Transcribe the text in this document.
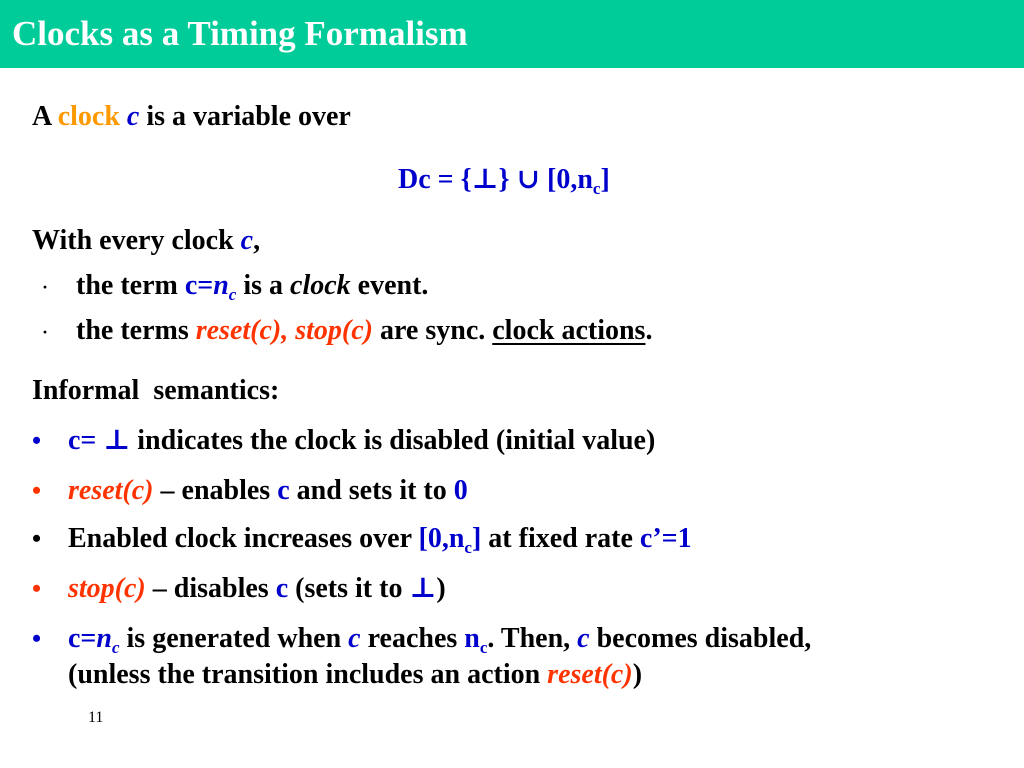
Clocks as a Timing Formalism
A clock c is a variable over
Dc = {⊥} ∪ $[0,n_c]$
With every clock c,
· the term $c=n_c$ is a clock event.
· the terms reset(c), stop(c) are sync. clock actions.
Informal  semantics:
• c= ⊥ indicates the clock is disabled (initial value)
• reset(c) – enables c and sets it to 0
• Enabled clock increases over $[0,n_c]$ at fixed rate c’=1
• stop(c) – disables c (sets it to ⊥)
• $c=n_c$ is generated when c reaches $n_c$. Then, c becomes disabled,
(unless the transition includes an action reset(c))
11
